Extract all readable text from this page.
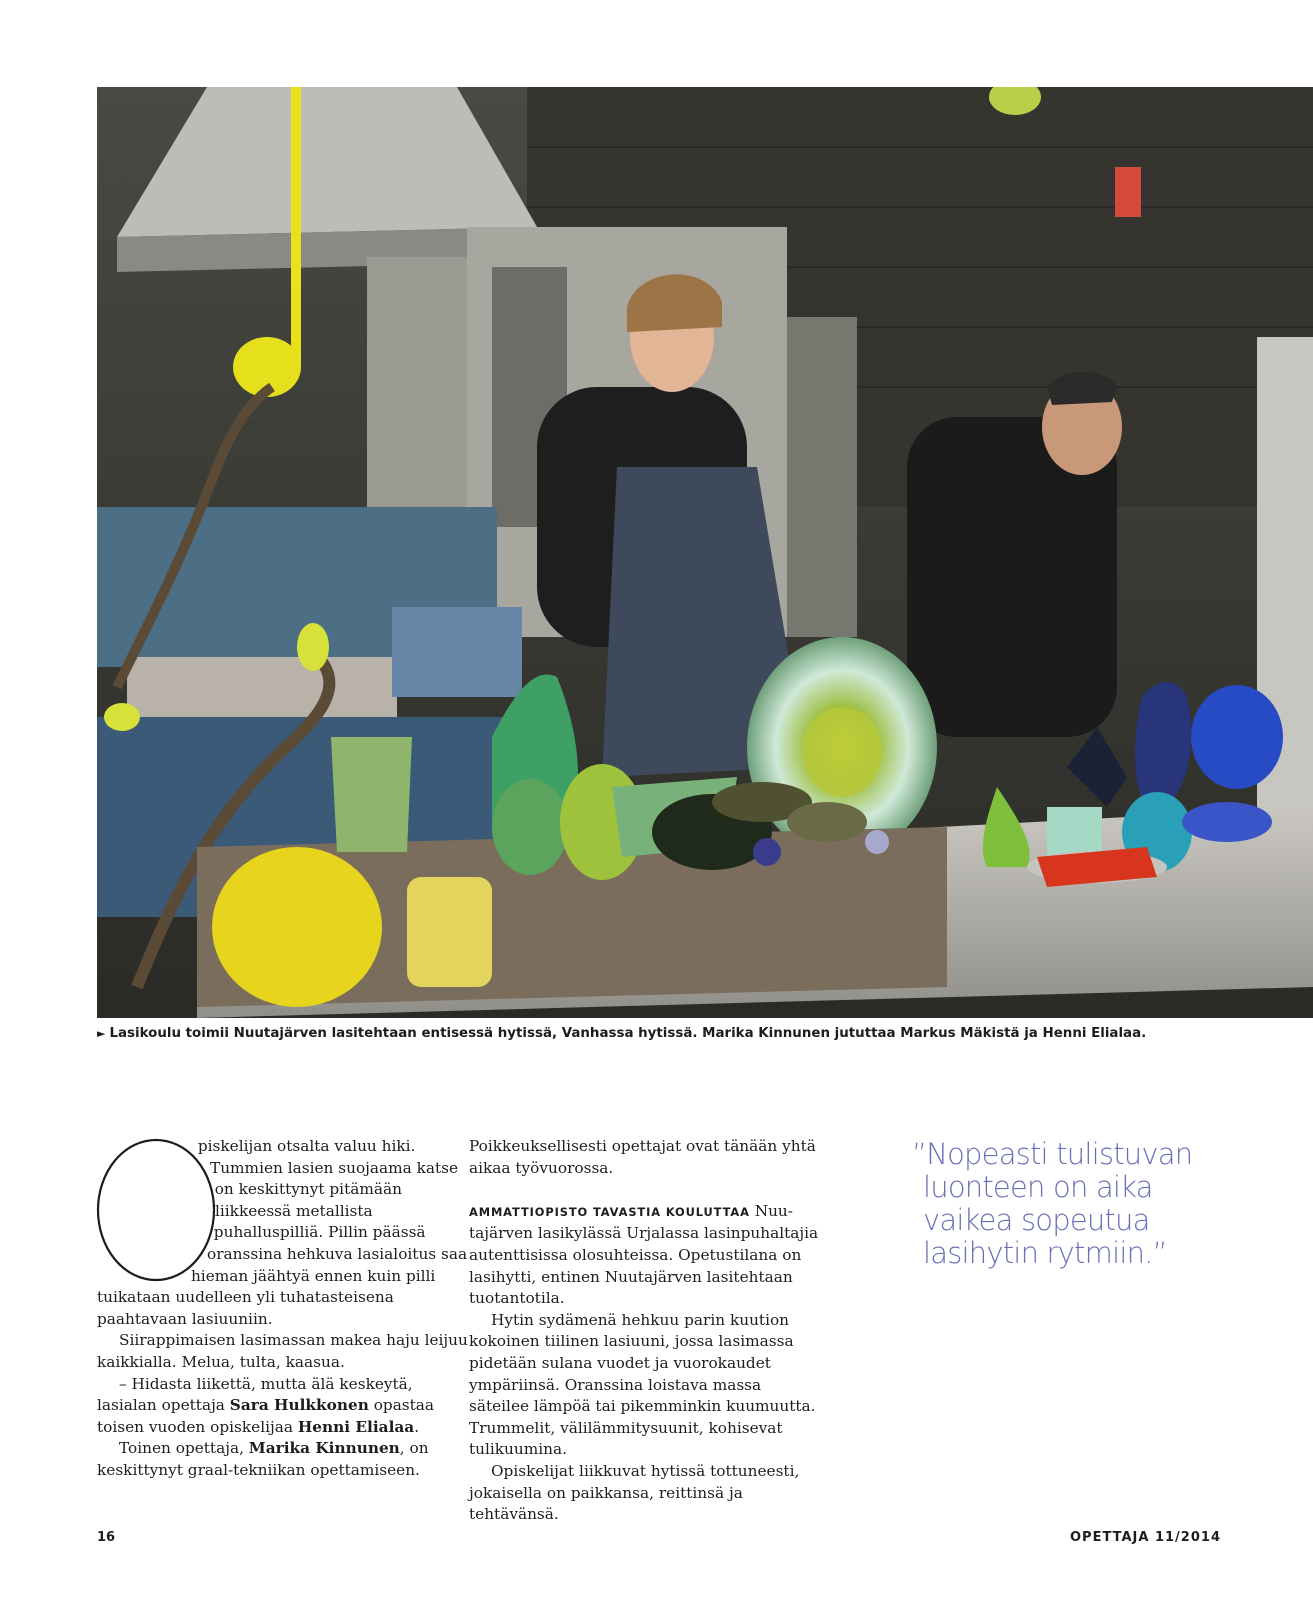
► Lasikoulu toimii Nuutajärven lasitehtaan entisessä hytissä, Vanhassa hytissä. Marika Kinnunen jututtaa Markus Mäkistä ja Henni Elialaa.

piskelijan otsalta valuu hiki. Tummien lasien suojaama katse on keskittynyt pitämään liikkeessä metallista puhalluspilliä. Pillin päässä oranssina hehkuva lasialoitus saa hieman jäähtyä ennen kuin pilli tuikataan uudelleen yli tuhatasteisena paahtavaan lasiuuniin.

Siirappimaisen lasimassan makea haju leijuu kaikkialla. Melua, tulta, kaasua.

– Hidasta liikettä, mutta älä keskeytä, lasialan opettaja Sara Hulkkonen opastaa toisen vuoden opiskelijaa Henni Elialaa.

Toinen opettaja, Marika Kinnunen, on keskittynyt graal-tekniikan opettamiseen.

Poikkeuksellisesti opettajat ovat tänään yhtä aikaa työvuorossa.

AMMATTIOPISTO TAVASTIA KOULUTTAA Nuutajärven lasikylässä Urjalassa lasinpuhaltajia autenttisissa olosuhteissa. Opetustilana on lasihytti, entinen Nuutajärven lasitehtaan tuotantotila.

Hytin sydämenä hehkuu parin kuution kokoinen tiilinen lasiuuni, jossa lasimassa pidetään sulana vuodet ja vuorokaudet ympäriinsä. Oranssina loistava massa säteilee lämpöä tai pikemminkin kuumuutta. Trummelit, välilämmitysuunit, kohisevat tulikuumina.

Opiskelijat liikkuvat hytissä tottuneesti, jokaisella on paikkansa, reittinsä ja tehtävänsä.

”Nopeasti tulistuvan
luonteen on aika
vaikea sopeutua
lasihytin rytmiin.”
16	OPETTAJA 11/2014
